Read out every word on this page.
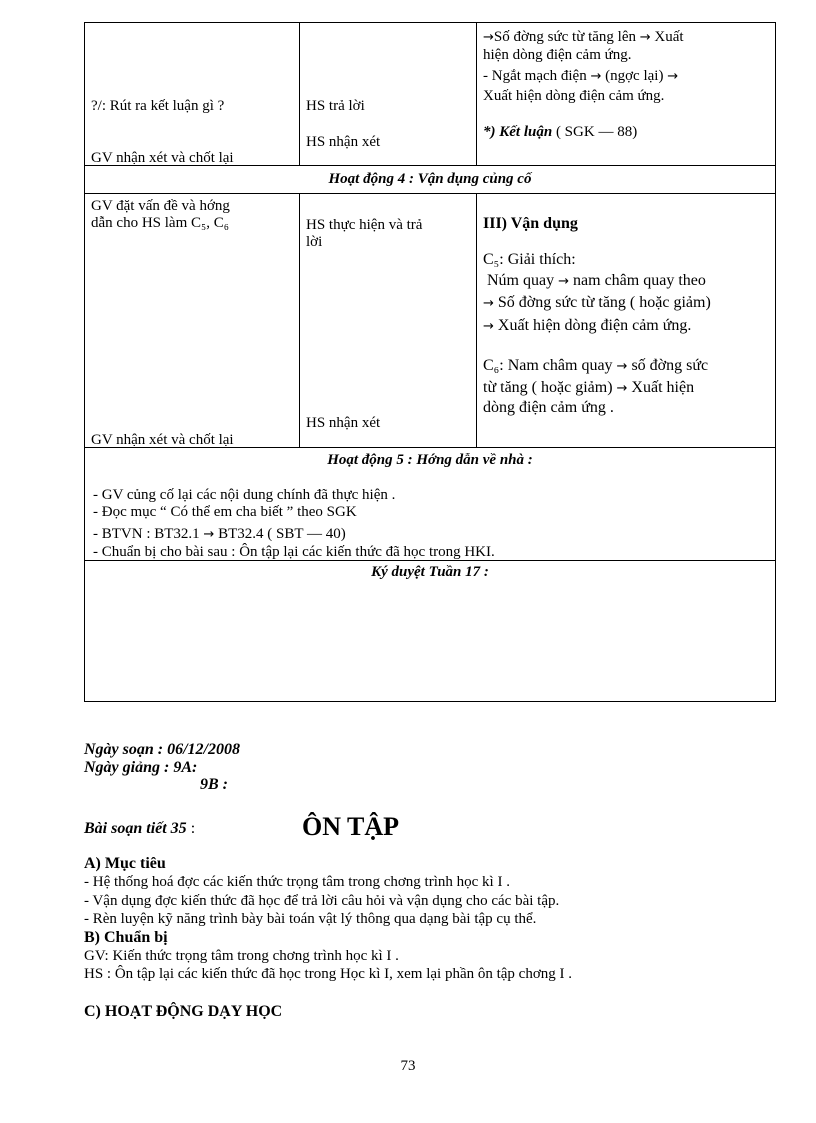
?/: Rút ra kết luận gì ?
GV nhận xét và chốt lại
HS trả lời
HS nhận xét
→Số đờng sức từ tăng lên → Xuất
hiện dòng điện cảm ứng.
- Ngắt mạch điện → (ngợc lại) →
Xuất hiện dòng điện cảm ứng.
*) Kết luận ( SGK — 88)
Hoạt động 4 : Vận dụng củng cố
GV đặt vấn đề và hớng
dẫn cho HS làm C₅, C₆
GV nhận xét và chốt lại
HS thực hiện và trả
lời
HS nhận xét
III) Vận dụng
C₅: Giải thích:
Núm quay → nam châm quay theo
→ Số đờng sức từ tăng ( hoặc giảm)
→ Xuất hiện dòng điện cảm ứng.
C₆: Nam châm quay → số đờng sức
từ tăng ( hoặc giảm) → Xuất hiện
dòng điện cảm ứng .
Hoạt động 5 : Hớng dẫn về nhà :
- GV củng cố lại các nội dung chính đã thực hiện .
- Đọc mục “ Có thể em cha biết ” theo SGK
- BTVN : BT32.1 → BT32.4 ( SBT — 40)
- Chuẩn bị cho bài sau : Ôn tập lại các kiến thức đã học trong HKI.
Ký duyệt Tuần 17 :
Ngày soạn : 06/12/2008
Ngày giảng : 9A:
9B :
Bài soạn tiết 35 :	ÔN TẬP
A) Mục tiêu
- Hệ thống hoá đợc các kiến thức trọng tâm trong chơng trình học kì I .
- Vận dụng đợc kiến thức đã học để trả lời câu hỏi và vận dụng cho các bài tập.
- Rèn luyện kỹ năng trình bày bài toán vật lý thông qua dạng bài tập cụ thể.
B) Chuẩn bị
GV: Kiến thức trọng tâm trong chơng trình học kì I .
HS : Ôn tập lại các kiến thức đã học trong Học kì I, xem lại phần ôn tập chơng I .
C) HOẠT ĐỘNG DẠY HỌC
73
